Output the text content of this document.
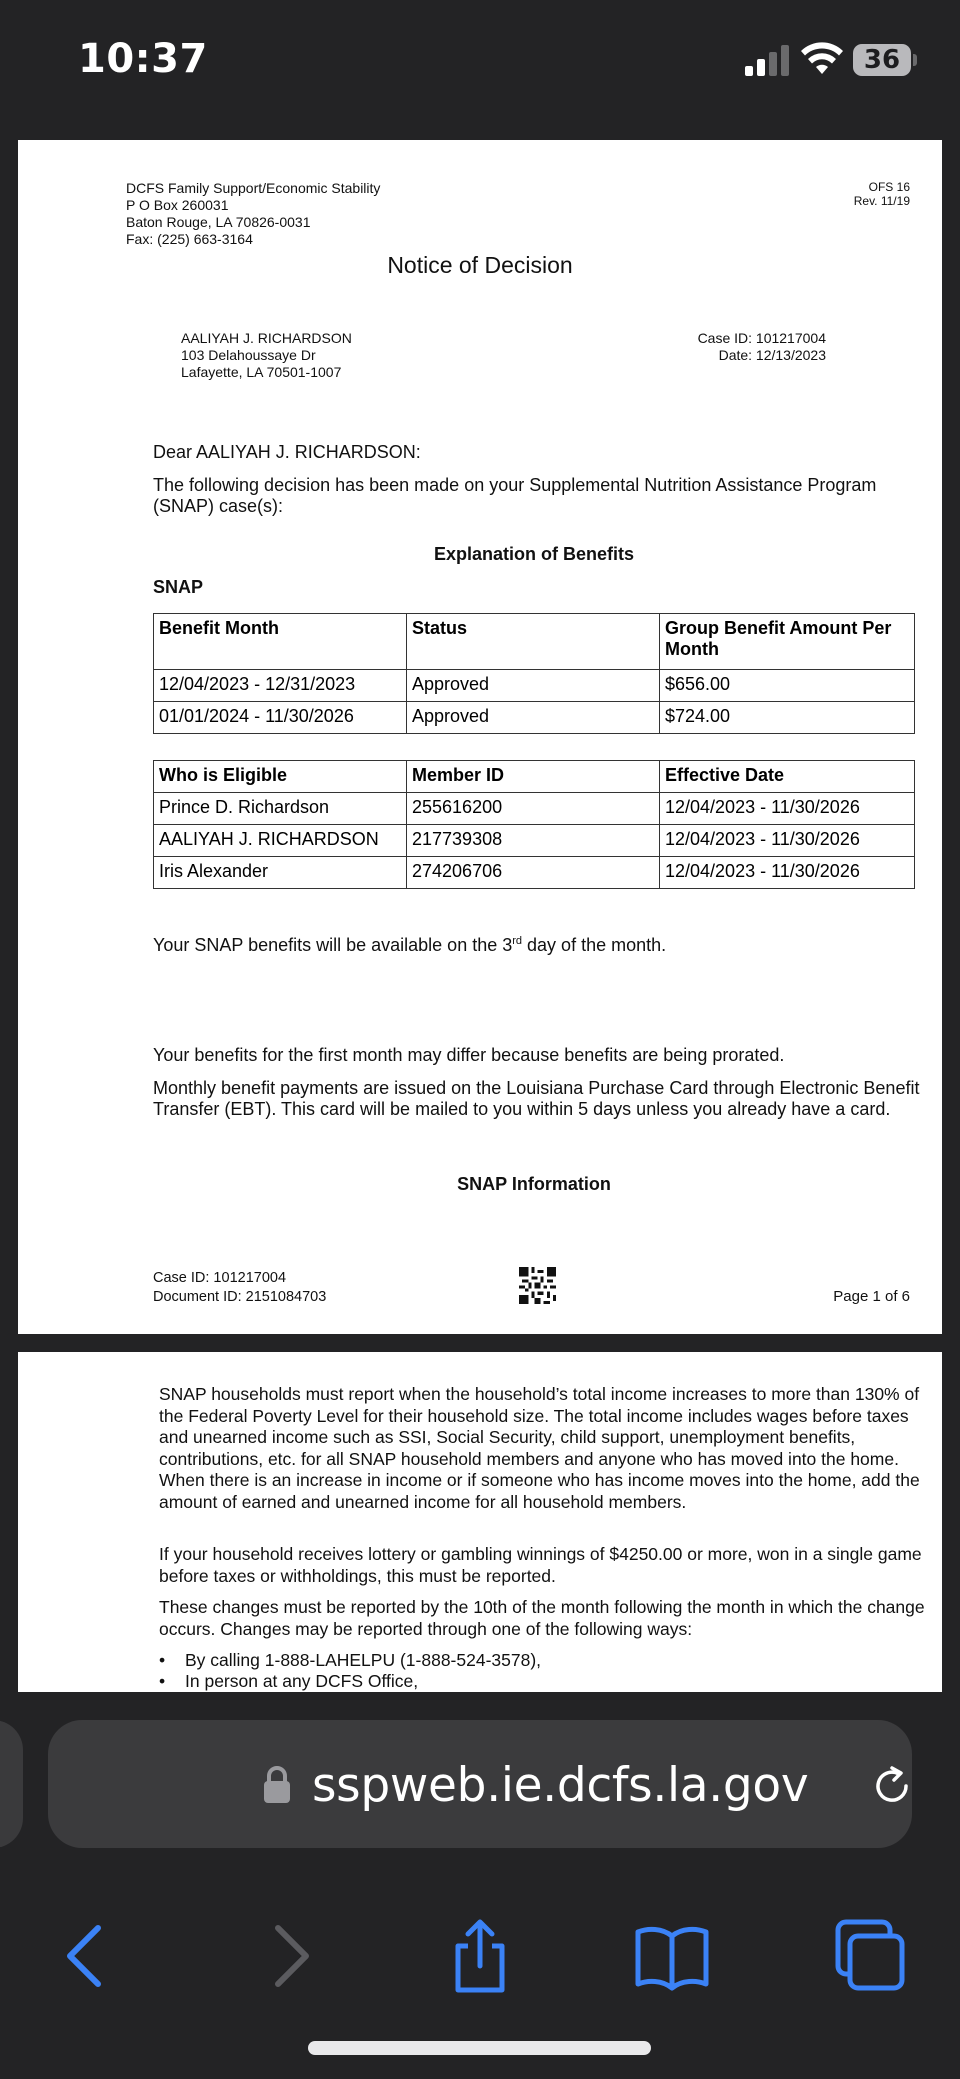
10:37	36
DCFS Family Support/Economic Stability
P O Box 260031
Baton Rouge, LA 70826-0031
Fax: (225) 663-3164
OFS 16
Rev. 11/19
Notice of Decision
AALIYAH J. RICHARDSON
103 Delahoussaye Dr
Lafayette, LA 70501-1007
Case ID: 101217004
Date: 12/13/2023
Dear AALIYAH J. RICHARDSON:
The following decision has been made on your Supplemental Nutrition Assistance Program (SNAP) case(s):
Explanation of Benefits
SNAP
Benefit Month	Status	Group Benefit Amount Per Month
12/04/2023 - 12/31/2023	Approved	$656.00
01/01/2024 - 11/30/2026	Approved	$724.00
Who is Eligible	Member ID	Effective Date
Prince D. Richardson	255616200	12/04/2023 - 11/30/2026
AALIYAH J. RICHARDSON	217739308	12/04/2023 - 11/30/2026
Iris Alexander	274206706	12/04/2023 - 11/30/2026
Your SNAP benefits will be available on the 3rd day of the month.
Your benefits for the first month may differ because benefits are being prorated.
Monthly benefit payments are issued on the Louisiana Purchase Card through Electronic Benefit Transfer (EBT). This card will be mailed to you within 5 days unless you already have a card.
SNAP Information
Case ID: 101217004
Document ID: 2151084703	Page 1 of 6
SNAP households must report when the household’s total income increases to more than 130% of the Federal Poverty Level for their household size. The total income includes wages before taxes and unearned income such as SSI, Social Security, child support, unemployment benefits, contributions, etc. for all SNAP household members and anyone who has moved into the home. When there is an increase in income or if someone who has income moves into the home, add the amount of earned and unearned income for all household members.
If your household receives lottery or gambling winnings of $4250.00 or more, won in a single game before taxes or withholdings, this must be reported.
These changes must be reported by the 10th of the month following the month in which the change occurs. Changes may be reported through one of the following ways:
• By calling 1-888-LAHELPU (1-888-524-3578),
• In person at any DCFS Office,
sspweb.ie.dcfs.la.gov
